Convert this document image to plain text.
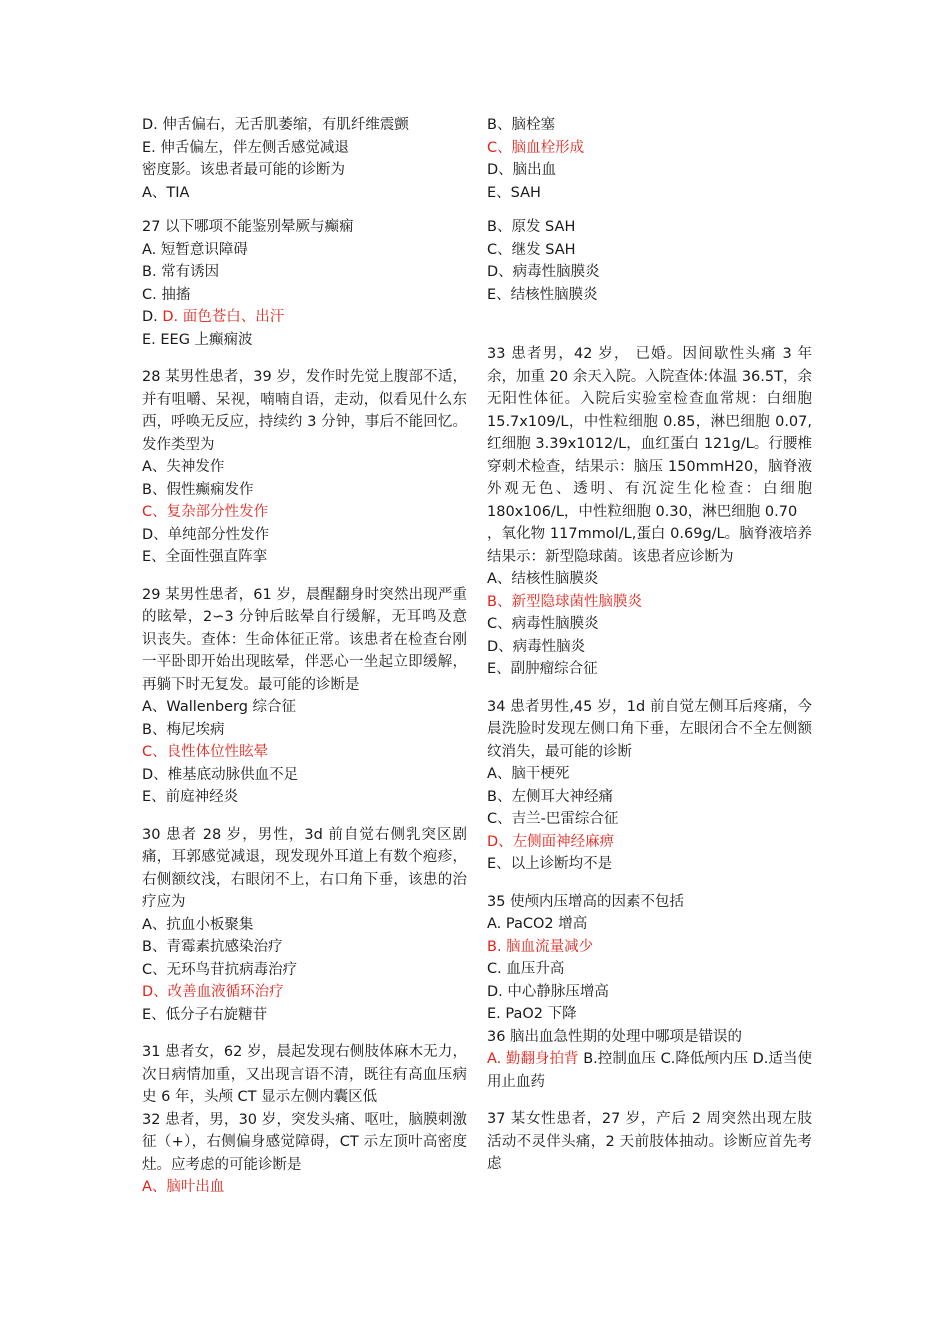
D. 伸舌偏右，无舌肌萎缩，有肌纤维震颤
E. 伸舌偏左，伴左侧舌感觉减退
密度影。该患者最可能的诊断为
A、TIA
27 以下哪项不能鉴别晕厥与癫痫
A. 短暂意识障碍
B. 常有诱因
C. 抽搐
D. D. 面色苍白、出汗
E. EEG 上癫痫波
28 某男性患者，39 岁，发作时先觉上腹部不适，并有咀嚼、呆视，喃喃自语，走动，似看见什么东西，呼唤无反应，持续约 3 分钟，事后不能回忆。发作类型为
A、失神发作
B、假性癫痫发作
C、复杂部分性发作
D、单纯部分性发作
E、全面性强直阵挛
29 某男性患者，61 岁，晨醒翻身时突然出现严重的眩晕，2∽3 分钟后眩晕自行缓解，无耳鸣及意识丧失。查体：生命体征正常。该患者在检查台刚一平卧即开始出现眩晕，伴恶心一坐起立即缓解，再躺下时无复发。最可能的诊断是
A、Wallenberg 综合征
B、梅尼埃病
C、良性体位性眩晕
D、椎基底动脉供血不足
E、前庭神经炎
30 患者 28 岁，男性，3d 前自觉右侧乳突区剧痛，耳郭感觉减退，现发现外耳道上有数个疱疹，右侧额纹浅，右眼闭不上，右口角下垂，该患的治疗应为
A、抗血小板聚集
B、青霉素抗感染治疗
C、无环鸟苷抗病毒治疗
D、改善血液循环治疗
E、低分子右旋糖苷
31 患者女，62 岁，晨起发现右侧肢体麻木无力，次日病情加重，又出现言语不清，既往有高血压病史 6 年，头颅 CT 显示左侧内囊区低
32 患者，男，30 岁，突发头痛、呕吐，脑膜刺激征（+），右侧偏身感觉障碍，CT 示左顶叶高密度灶。应考虑的可能诊断是
A、脑叶出血
B、脑栓塞
C、脑血栓形成
D、脑出血
E、SAH
B、原发 SAH
C、继发 SAH
D、病毒性脑膜炎
E、结核性脑膜炎
33 患者男，42 岁， 已婚。因间歇性头痛 3 年余，加重 20 余天入院。入院查体:体温 36.5T，余无阳性体征。入院后实验室检查血常规：白细胞 15.7x109/L，中性粒细胞 0.85，淋巴细胞 0.07, 红细胞 3.39x1012/L，血红蛋白 121g/L。行腰椎穿刺术检查，结果示：脑压 150mmH20，脑脊液外观无色、透明、有沉淀生化检查：白细胞 180x106/L，中性粒细胞 0.30，淋巴细胞 0.70
，氧化物 117mmol/L,蛋白 0.69g/L。脑脊液培养结果示：新型隐球菌。该患者应诊断为
A、结核性脑膜炎
B、新型隐球菌性脑膜炎
C、病毒性脑膜炎
D、病毒性脑炎
E、副肿瘤综合征
34 患者男性,45 岁，1d 前自觉左侧耳后疼痛，今晨洗脸时发现左侧口角下垂，左眼闭合不全左侧额纹消失，最可能的诊断
A、脑干梗死
B、左侧耳大神经痛
C、吉兰-巴雷综合征
D、左侧面神经麻痹
E、以上诊断均不是
35 使颅内压增高的因素不包括
A. PaCO2 增高
B. 脑血流量减少
C. 血压升高
D. 中心静脉压增高
E. PaO2 下降
36 脑出血急性期的处理中哪项是错误的
A. 勤翻身拍背 B.控制血压 C.降低颅内压 D.适当使用止血药
37 某女性患者，27 岁，产后 2 周突然出现左肢活动不灵伴头痛，2 天前肢体抽动。诊断应首先考虑
